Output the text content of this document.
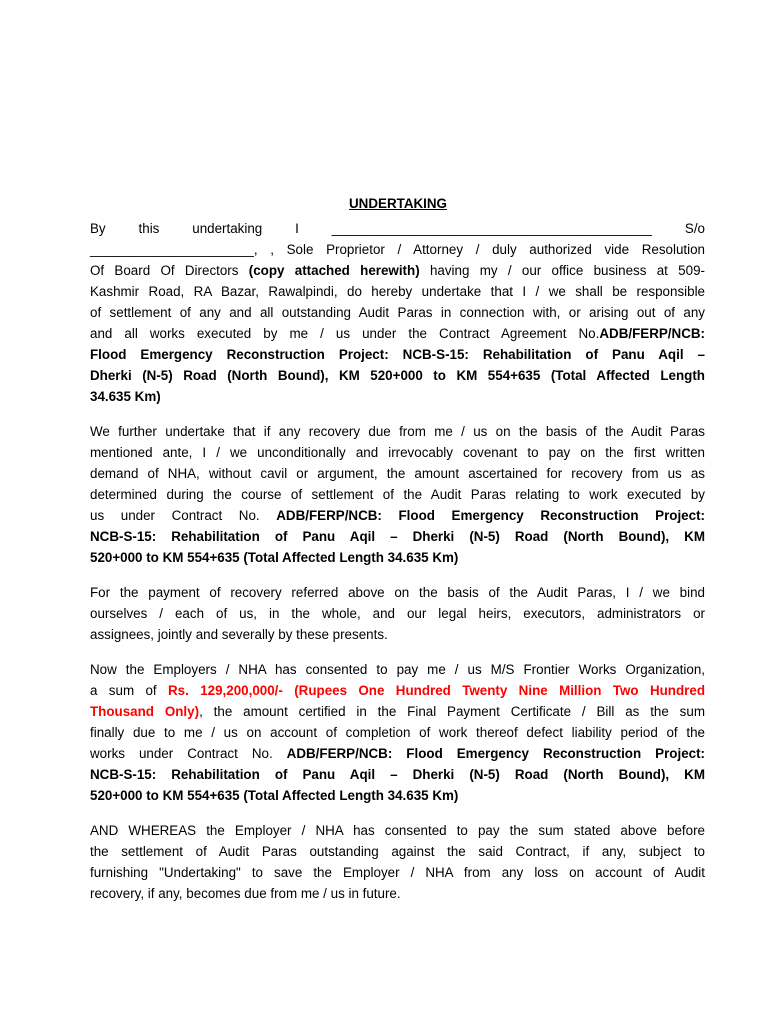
UNDERTAKING
By this undertaking I ___________________________________________ S/o
______________________, , Sole Proprietor / Attorney / duly authorized vide Resolution
Of Board Of Directors (copy attached herewith) having my / our office business at 509-
Kashmir Road, RA Bazar, Rawalpindi, do hereby undertake that I / we shall be responsible
of settlement of any and all outstanding Audit Paras in connection with, or arising out of any
and all works executed by me / us under the Contract Agreement No.ADB/FERP/NCB:
Flood Emergency Reconstruction Project: NCB-S-15: Rehabilitation of Panu Aqil –
Dherki (N-5) Road (North Bound), KM 520+000 to KM 554+635 (Total Affected Length
34.635 Km)
We further undertake that if any recovery due from me / us on the basis of the Audit Paras
mentioned ante, I / we unconditionally and irrevocably covenant to pay on the first written
demand of NHA, without cavil or argument, the amount ascertained for recovery from us as
determined during the course of settlement of the Audit Paras relating to work executed by
us under Contract No. ADB/FERP/NCB: Flood Emergency Reconstruction Project:
NCB-S-15: Rehabilitation of Panu Aqil – Dherki (N-5) Road (North Bound), KM
520+000 to KM 554+635 (Total Affected Length 34.635 Km)
For the payment of recovery referred above on the basis of the Audit Paras, I / we bind
ourselves / each of us, in the whole, and our legal heirs, executors, administrators or
assignees, jointly and severally by these presents.
Now the Employers / NHA has consented to pay me / us M/S Frontier Works Organization,
a sum of Rs. 129,200,000/- (Rupees One Hundred Twenty Nine Million Two Hundred
Thousand Only), the amount certified in the Final Payment Certificate / Bill as the sum
finally due to me / us on account of completion of work thereof defect liability period of the
works under Contract No. ADB/FERP/NCB: Flood Emergency Reconstruction Project:
NCB-S-15: Rehabilitation of Panu Aqil – Dherki (N-5) Road (North Bound), KM
520+000 to KM 554+635 (Total Affected Length 34.635 Km)
AND WHEREAS the Employer / NHA has consented to pay the sum stated above before
the settlement of Audit Paras outstanding against the said Contract, if any, subject to
furnishing "Undertaking" to save the Employer / NHA from any loss on account of Audit
recovery, if any, becomes due from me / us in future.
